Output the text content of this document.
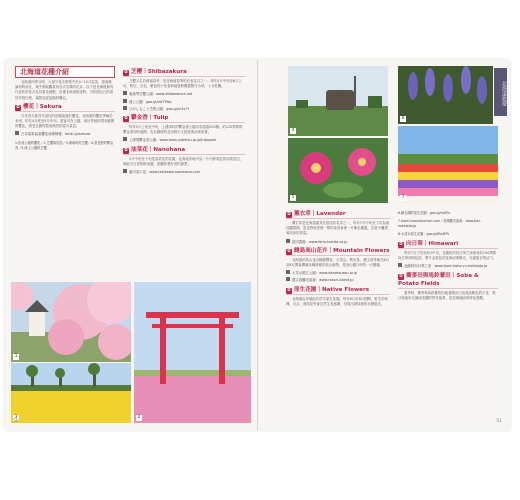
北海道花種介紹

北海道四季分明，大部分花卉都集中於4~10月綻放，遊客無論何時前往，幾乎都能觀賞到各式各樣的花卉。以下是北海道最具代表性的花卉及其賞花地點，計畫北海道旅遊時，可依照自己的喜好安排行程，讓旅途更加繽紛難忘。

✿ 櫻花｜Sakura

日本春天最具代表性的花種莫過於櫻花，北海道的櫻花季晚於本州，約在4月底至5月中旬，遊客可在公園、神社等地欣賞到盛開的櫻花，感受北國短暫而熱烈的春天氣息。

日本氣象協會櫻花前線情報：tenki.jp/sakura

1.松前公園的櫻花／2.芝櫻與鳥居／3.淵東町的芝櫻／4.富良野的鬱金香／5.滝上公園的芝櫻

✿ 芝櫻｜Shibazakura

芝櫻又名苔蘚福祿考，是北海道春季的代表花卉之一，每年5月中旬至6月上旬，粉紅、白色、紫色的小花會如地毯般覆蓋整片山坡，十分壯觀。

東藻琴芝櫻公園：www.shibazakura.net

滝上公園：goo.gl/sW7ENp

ひがしもこと芝桜公園：goo.gl/xr3x7f

✿ 鬱金香｜Tulip

每年5月上旬至中旬，上湧別町的鬱金香公園內有超過200種、約120萬株的鬱金香同時盛開，色彩繽紛的花田吸引大批遊客前來欣賞。

上湧別鬱金香公園：www.town.yubetsu.lg.jp/tulippark

✿ 油菜花｜Nanohana

5月中旬至下旬是油菜花的花期，北海道各地可見一片片鮮黃色的油菜花田，與藍天白雲相映成趣，是攝影愛好者的最愛。

瀧川菜の花：www.takikawa-nanohana.com

1
3	2
50
4
5
6
7
北海道旅遊
✿ 薰衣草｜Lavender

薰衣草是北海道最具代表性的花卉之一，每年7月中旬至下旬為最佳觀賞期，富良野和美瑛一帶的花田會被一片紫色覆蓋，空氣中瀰漫著淡淡的香氣。

富田農場：www.farm-tomita.co.jp

✿ 雌島高山花卉｜Mountain Flowers

北海道的高山花卉種類豐富，大雪山、利尻島、禮文島等地在6月至8月間會開滿各種珍稀的高山植物，是登山健行時的一大樂趣。

大雪山國立公園：www.daisetsuzan.or.jp

禮文島觀光協會：www.rebun-island.jp

✿ 原生花園｜Native Flowers

北海道沿岸地區有許多原生花園，每年6月至8月期間，野生的玫瑰、百合、鳶尾花等會自然生長盛開，呈現出最原始的北國風光。

6.網走湖的原生花園：goo.gl/hvEFu

7.www.furanotourism.com／美瑛觀光協會：www.biei-hokkaido.jp

8.小清水原生花園：goo.gl/6VdEPt

✿ 向日葵｜Himawari

每年7月下旬至8月中旬，北龍町的向日葵之里會有約150萬株向日葵同時綻放，整片金黃色的花海迎著陽光，充滿夏日的活力。

北龍町向日葵之里：www.town.hokuryu.hokkaido.jp

✿ 蕎麥田與馬鈴薯田｜Soba & Potato Fields

夏季時，蕎麥與馬鈴薯的田地會開出白色或淡紫色的小花，與丘陵地形交織成美麗的拼布風景，是美瑛地區的特色景觀。

51
